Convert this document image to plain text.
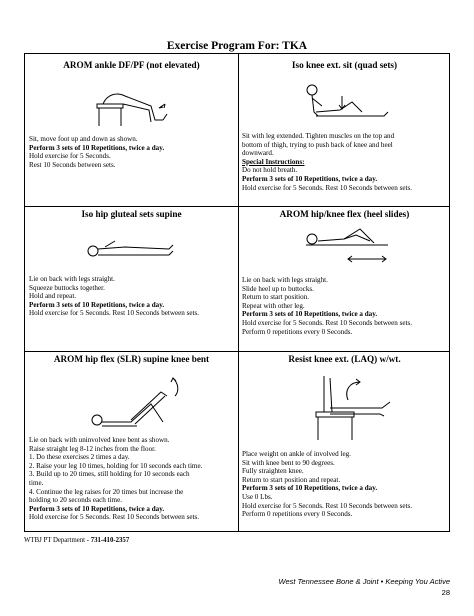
Exercise Program For: TKA
AROM ankle DF/PF (not elevated)
Sit, move foot up and down as shown.
Perform 3 sets of 10 Repetitions, twice a day.
Hold exercise for 5 Seconds.
Rest 10 Seconds between sets.
Iso knee ext. sit (quad sets)
Sit with leg extended. Tighten muscles on the top and
bottom of thigh, trying to push back of knee and heel
downward.
Special Instructions:
Do not hold breath.
Perform 3 sets of 10 Repetitions, twice a day.
Hold exercise for 5 Seconds. Rest 10 Seconds between sets.
Iso hip gluteal sets supine
Lie on back with legs straight.
Squeeze buttocks together.
Hold and repeat.
Perform 3 sets of 10 Repetitions, twice a day.
Hold exercise for 5 Seconds. Rest 10 Seconds between sets.
AROM hip/knee flex (heel slides)
Lie on back with legs straight.
Slide heel up to buttocks.
Return to start position.
Repeat with other leg.
Perform 3 sets of 10 Repetitions, twice a day.
Hold exercise for 5 Seconds. Rest 10 Seconds between sets.
Perform 0 repetitions every 0 Seconds.
AROM hip flex (SLR) supine knee bent
Lie on back with uninvolved knee bent as shown.
Raise straight leg 8-12 inches from the floor.
1. Do these exercises 2 times a day.
2. Raise your leg 10 times, holding for 10 seconds each time.
3. Build up to 20 times, still holding for 10 seconds each
time.
4. Continue the leg raises for 20 times but increase the
holding to 20 seconds each time.
Perform 3 sets of 10 Repetitions, twice a day.
Hold exercise for 5 Seconds. Rest 10 Seconds between sets.
Resist knee ext. (LAQ) w/wt.
Place weight on ankle of involved leg.
Sit with knee bent to 90 degrees.
Fully straighten knee.
Return to start position and repeat.
Perform 3 sets of 10 Repetitions, twice a day.
Use 0 Lbs.
Hold exercise for 5 Seconds. Rest 10 Seconds between sets.
Perform 0 repetitions every 0 Seconds.
WTBJ PT Department - 731-410-2357
West Tennessee Bone & Joint • Keeping You Active
28
